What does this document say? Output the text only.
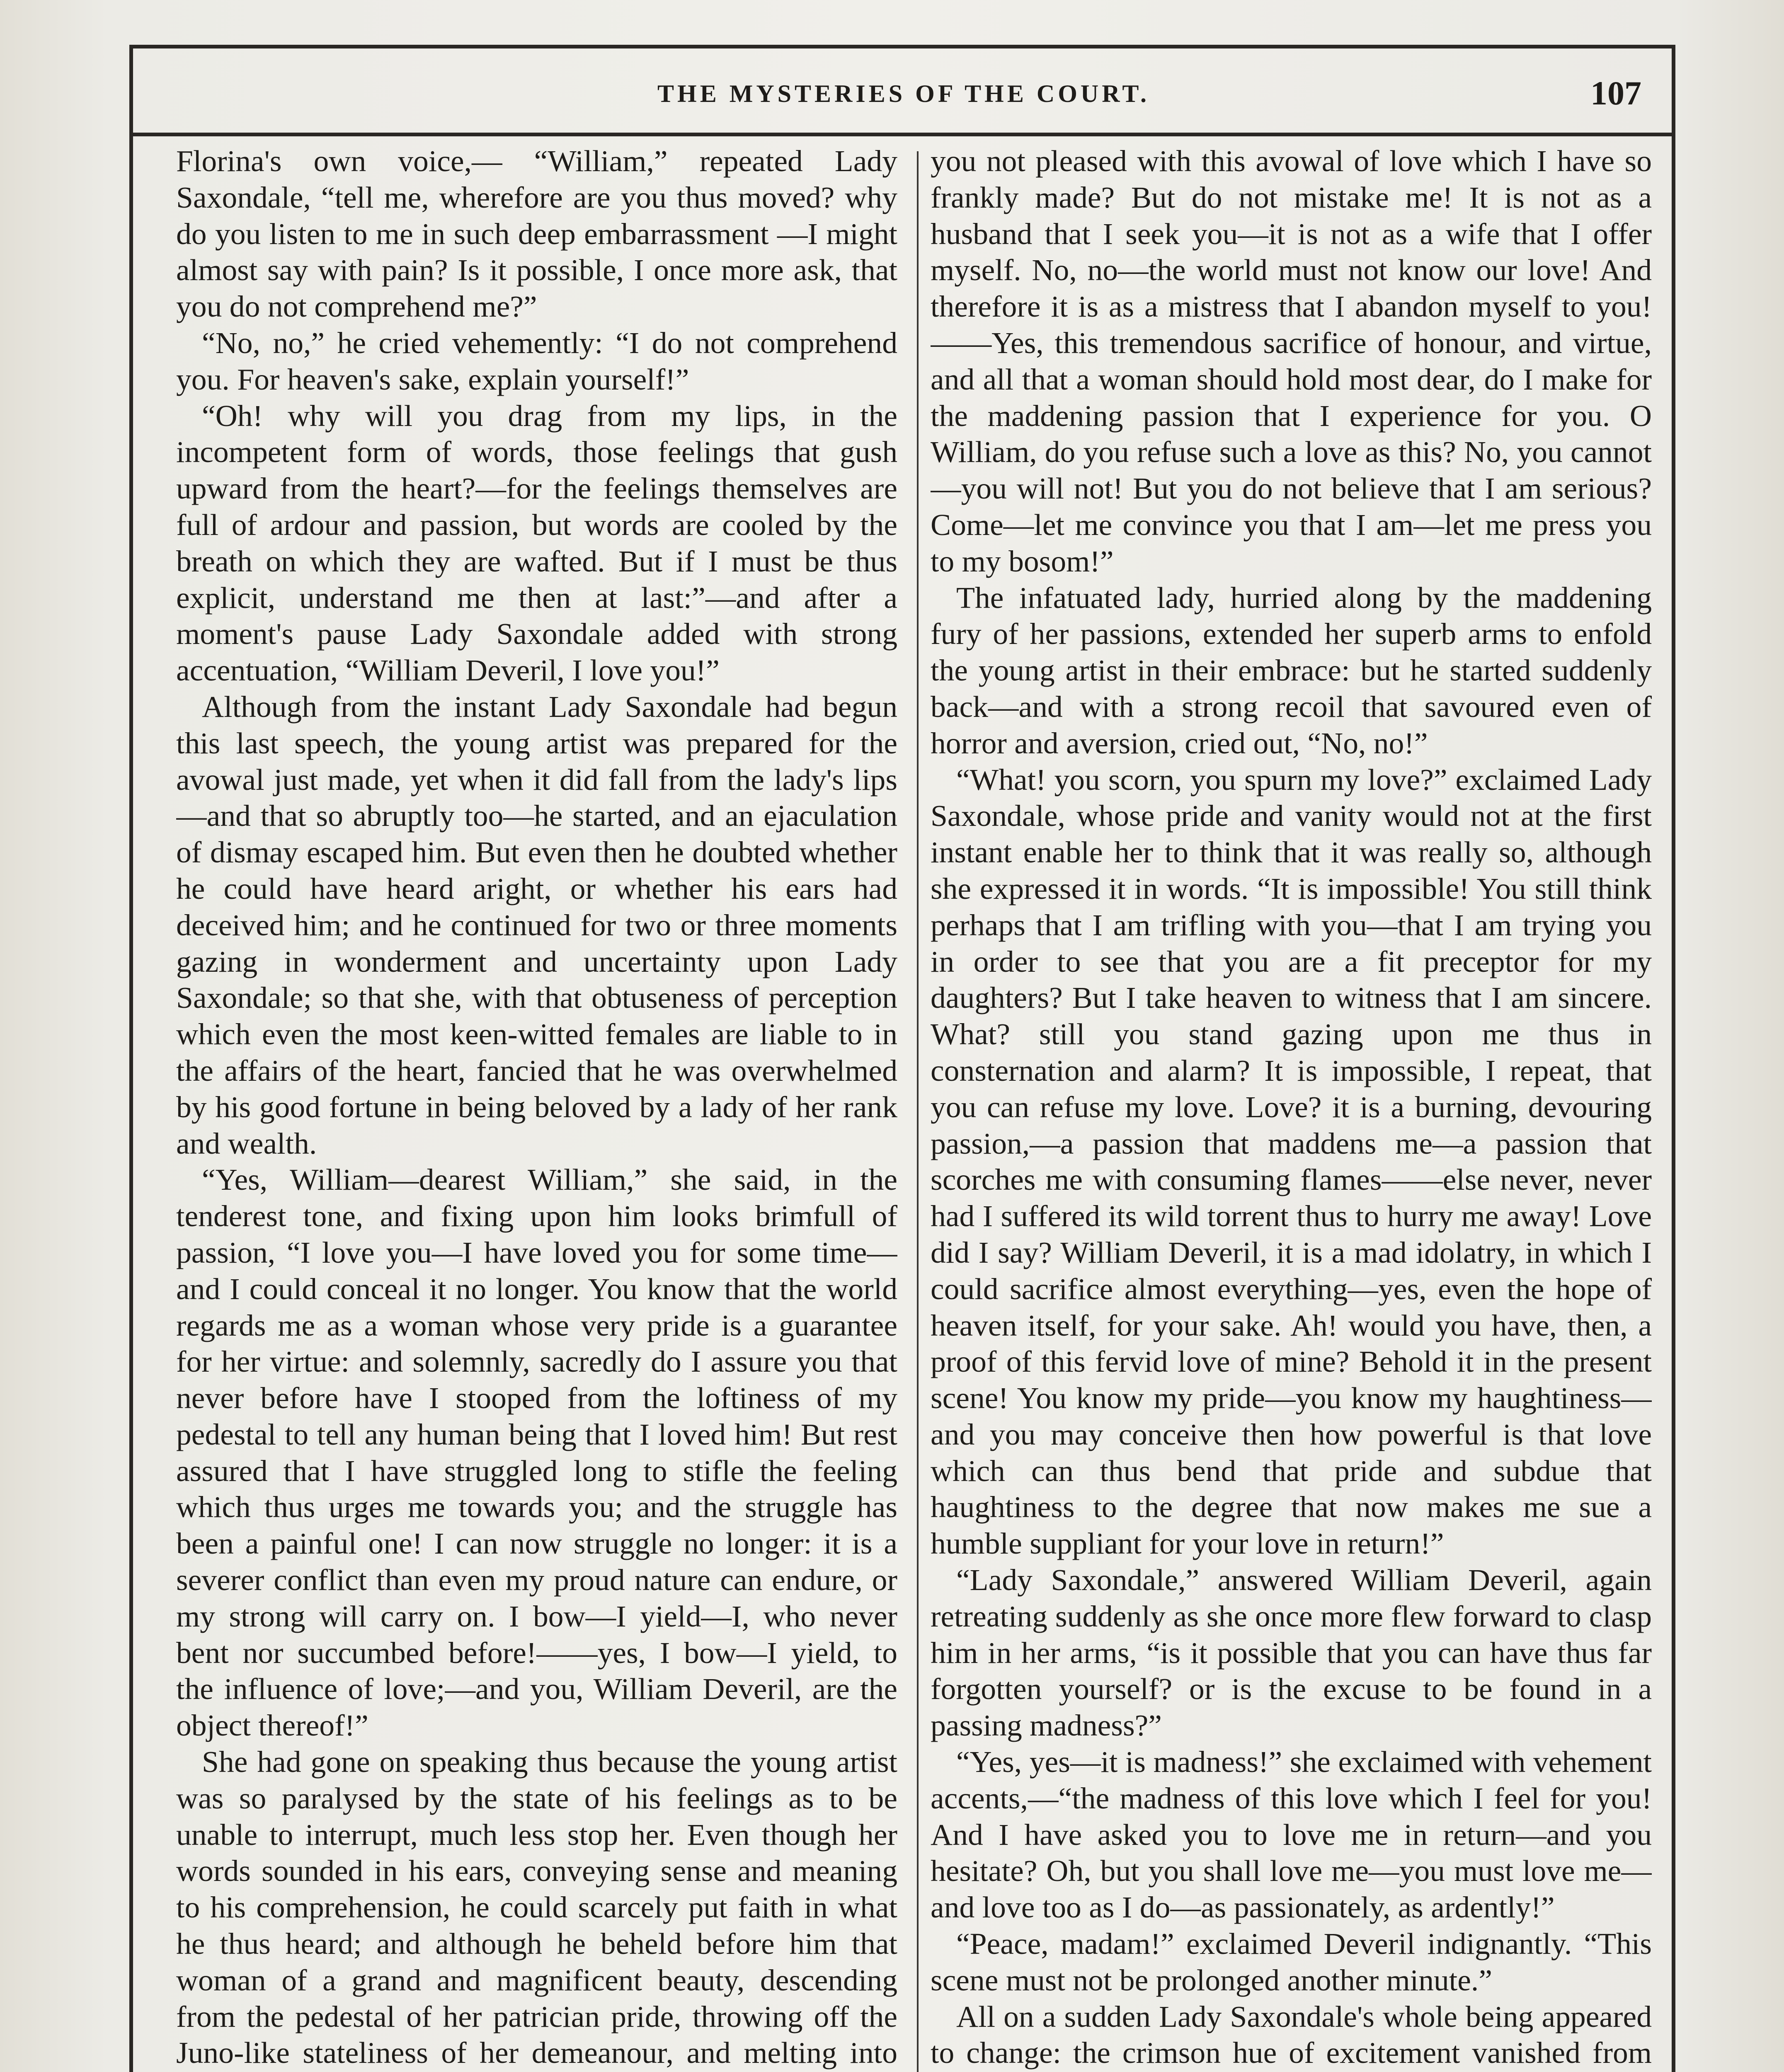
THE MYSTERIES OF THE COURT.	107

Florina's own voice,— “William,” repeated Lady Saxondale, “tell me, wherefore are you thus moved? why do you listen to me in such deep embarrassment —I might almost say with pain? Is it possible, I once more ask, that you do not comprehend me?”

“No, no,” he cried vehemently: “I do not comprehend you. For heaven's sake, explain yourself!”

“Oh! why will you drag from my lips, in the incompetent form of words, those feelings that gush upward from the heart?—for the feelings themselves are full of ardour and passion, but words are cooled by the breath on which they are wafted. But if I must be thus explicit, understand me then at last:”—and after a moment's pause Lady Saxondale added with strong accentuation, “William Deveril, I love you!”

Although from the instant Lady Saxondale had begun this last speech, the young artist was prepared for the avowal just made, yet when it did fall from the lady's lips—and that so abruptly too—he started, and an ejaculation of dismay escaped him. But even then he doubted whether he could have heard aright, or whether his ears had deceived him; and he continued for two or three moments gazing in wonderment and uncertainty upon Lady Saxondale; so that she, with that obtuseness of perception which even the most keen-witted females are liable to in the affairs of the heart, fancied that he was overwhelmed by his good fortune in being beloved by a lady of her rank and wealth.

“Yes, William—dearest William,” she said, in the tenderest tone, and fixing upon him looks brimfull of passion, “I love you—I have loved you for some time—and I could conceal it no longer. You know that the world regards me as a woman whose very pride is a guarantee for her virtue: and solemnly, sacredly do I assure you that never before have I stooped from the loftiness of my pedestal to tell any human being that I loved him! But rest assured that I have struggled long to stifle the feeling which thus urges me towards you; and the struggle has been a painful one! I can now struggle no longer: it is a severer conflict than even my proud nature can endure, or my strong will carry on. I bow—I yield—I, who never bent nor succumbed before!——yes, I bow—I yield, to the influence of love;—and you, William Deveril, are the object thereof!”

She had gone on speaking thus because the young artist was so paralysed by the state of his feelings as to be unable to interrupt, much less stop her. Even though her words sounded in his ears, conveying sense and meaning to his comprehension, he could scarcely put faith in what he thus heard; and although he beheld before him that woman of a grand and magnificent beauty, descending from the pedestal of her patrician pride, throwing off the Juno-like stateliness of her demeanour, and melting into

you not pleased with this avowal of love which I have so frankly made? But do not mistake me! It is not as a husband that I seek you—it is not as a wife that I offer myself. No, no—the world must not know our love! And therefore it is as a mistress that I abandon myself to you!——Yes, this tremendous sacrifice of honour, and virtue, and all that a woman should hold most dear, do I make for the maddening passion that I experience for you. O William, do you refuse such a love as this? No, you cannot—you will not! But you do not believe that I am serious? Come—let me convince you that I am—let me press you to my bosom!”

The infatuated lady, hurried along by the maddening fury of her passions, extended her superb arms to enfold the young artist in their embrace: but he started suddenly back—and with a strong recoil that savoured even of horror and aversion, cried out, “No, no!”

“What! you scorn, you spurn my love?” exclaimed Lady Saxondale, whose pride and vanity would not at the first instant enable her to think that it was really so, although she expressed it in words. “It is impossible! You still think perhaps that I am trifling with you—that I am trying you in order to see that you are a fit preceptor for my daughters? But I take heaven to witness that I am sincere. What? still you stand gazing upon me thus in consternation and alarm? It is impossible, I repeat, that you can refuse my love. Love? it is a burning, devouring passion,—a passion that maddens me—a passion that scorches me with consuming flames——else never, never had I suffered its wild torrent thus to hurry me away! Love did I say? William Deveril, it is a mad idolatry, in which I could sacrifice almost everything—yes, even the hope of heaven itself, for your sake. Ah! would you have, then, a proof of this fervid love of mine? Behold it in the present scene! You know my pride—you know my haughtiness—and you may conceive then how powerful is that love which can thus bend that pride and subdue that haughtiness to the degree that now makes me sue a humble suppliant for your love in return!”

“Lady Saxondale,” answered William Deveril, again retreating suddenly as she once more flew forward to clasp him in her arms, “is it possible that you can have thus far forgotten yourself? or is the excuse to be found in a passing madness?”

“Yes, yes—it is madness!” she exclaimed with vehement accents,—“the madness of this love which I feel for you! And I have asked you to love me in return—and you hesitate? Oh, but you shall love me—you must love me—and love too as I do—as passionately, as ardently!”

“Peace, madam!” exclaimed Deveril indignantly. “This scene must not be prolonged another minute.”

All on a sudden Lady Saxondale's whole being appeared to change: the crimson hue of excitement vanished from
